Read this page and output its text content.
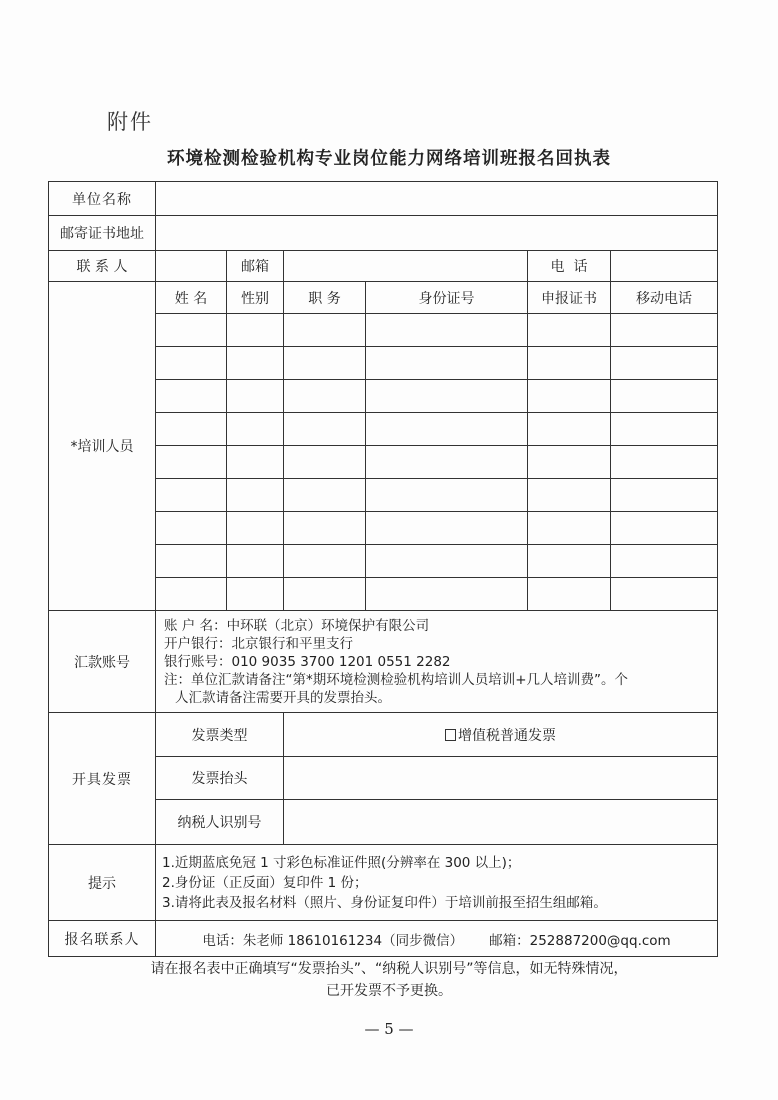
附件
环境检测检验机构专业岗位能力网络培训班报名回执表
单位名称						
邮寄证书地址						
联 系 人		邮箱			电  话	
*培训人员	姓 名	性别	职 务	身份证号	申报证书	移动电话

汇款账号	账 户 名：中环联（北京）环境保护有限公司
开户银行：北京银行和平里支行
银行账号：010 9035 3700 1201 0551 2282
注：单位汇款请备注“第*期环境检测检验机构培训人员培训+几人培训费”。个
人汇款请备注需要开具的发票抬头。					

开具发票	发票类型		增值税普通发票			
	发票抬头					
	纳税人识别号					
提示	1.近期蓝底免冠 1 寸彩色标准证件照(分辨率在 300 以上)；
2.身份证（正反面）复印件 1 份；
3.请将此表及报名材料（照片、身份证复印件）于培训前报至招生组邮箱。					

报名联系人	电话：朱老师 18610161234（同步微信） 邮箱：252887200@qq.com					
请在报名表中正确填写“发票抬头”、“纳税人识别号”等信息，如无特殊情况，
已开发票不予更换。
— 5 —
